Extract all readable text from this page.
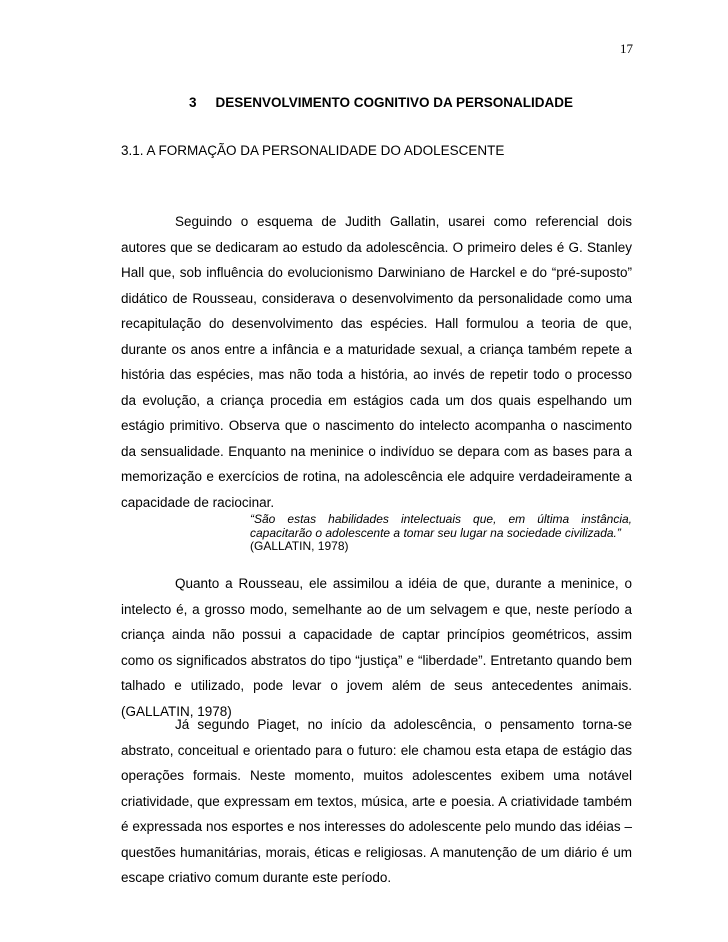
17
3 DESENVOLVIMENTO COGNITIVO DA PERSONALIDADE
3.1. A FORMAÇÃO DA PERSONALIDADE DO ADOLESCENTE

Seguindo o esquema de Judith Gallatin, usarei como referencial dois autores que se dedicaram ao estudo da adolescência. O primeiro deles é G. Stanley Hall que, sob influência do evolucionismo Darwiniano de Harckel e do “pré-suposto” didático de Rousseau, considerava o desenvolvimento da personalidade como uma recapitulação do desenvolvimento das espécies. Hall formulou a teoria de que, durante os anos entre a infância e a maturidade sexual, a criança também repete a história das espécies, mas não toda a história, ao invés de repetir todo o processo da evolução, a criança procedia em estágios cada um dos quais espelhando um estágio primitivo. Observa que o nascimento do intelecto acompanha o nascimento da sensualidade. Enquanto na meninice o indivíduo se depara com as bases para a memorização e exercícios de rotina, na adolescência ele adquire verdadeiramente a capacidade de raciocinar.

“São estas habilidades intelectuais que, em última instância, capacitarão o adolescente a tomar seu lugar na sociedade civilizada.”
(GALLATIN, 1978)

Quanto a Rousseau, ele assimilou a idéia de que, durante a meninice, o intelecto é, a grosso modo, semelhante ao de um selvagem e que, neste período a criança ainda não possui a capacidade de captar princípios geométricos, assim como os significados abstratos do tipo “justiça” e “liberdade”. Entretanto quando bem talhado e utilizado, pode levar o jovem além de seus antecedentes animais. (GALLATIN, 1978)

Já segundo Piaget, no início da adolescência, o pensamento torna-se abstrato, conceitual e orientado para o futuro: ele chamou esta etapa de estágio das operações formais. Neste momento, muitos adolescentes exibem uma notável criatividade, que expressam em textos, música, arte e poesia. A criatividade também é expressada nos esportes e nos interesses do adolescente pelo mundo das idéias – questões humanitárias, morais, éticas e religiosas. A manutenção de um diário é um escape criativo comum durante este período.
